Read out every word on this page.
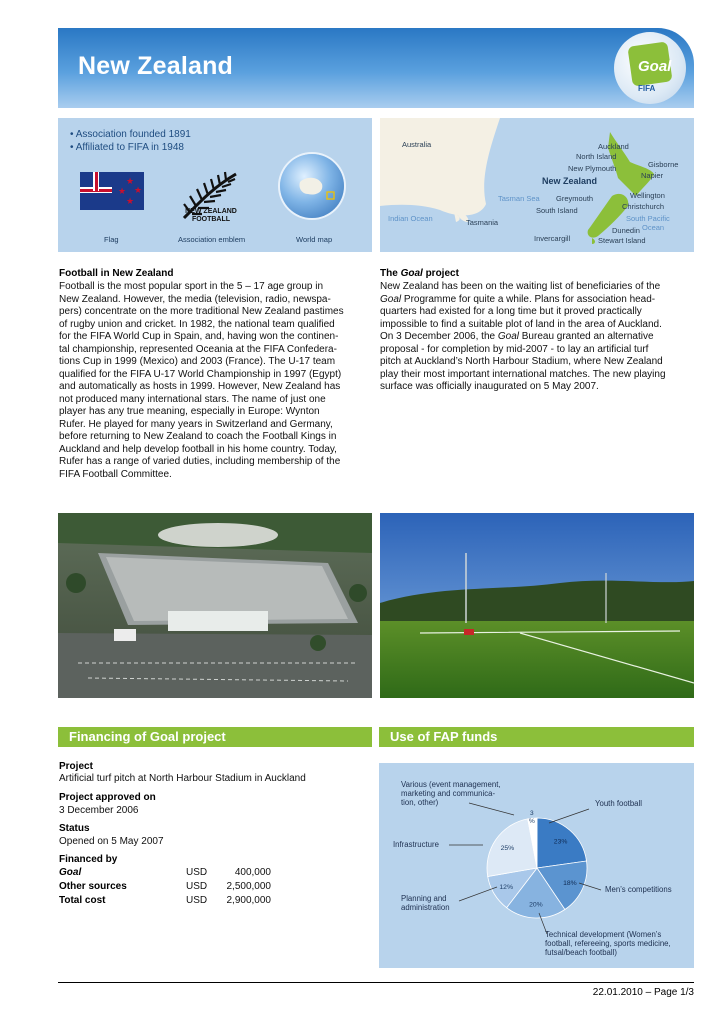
New Zealand	Goal
FIFA
• Association founded 1891
• Affiliated to FIFA in 1948
★
★ ★
★
Flag
NEW ZEALAND
FOOTBALL
Association emblem	World map
Australia	Auckland
North Island
New Plymouth	Gisborne
Napier
New Zealand
Tasman Sea Greymouth	Wellington
South Island	Christchurch
Indian Ocean	Tasmania	South Pacific
Ocean
Dunedin
Invercargill	Stewart Island
Football in New Zealand
Football is the most popular sport in the 5 – 17 age group in
New Zealand. However, the media (television, radio, newspa-
pers) concentrate on the more traditional New Zealand pastimes
of rugby union and cricket. In 1982, the national team qualified
for the FIFA World Cup in Spain, and, having won the continen-
tal championship, represented Oceania at the FIFA Confedera-
tions Cup in 1999 (Mexico) and 2003 (France). The U-17 team
qualified for the FIFA U-17 World Championship in 1997 (Egypt)
and automatically as hosts in 1999. However, New Zealand has
not produced many international stars. The name of just one
player has any true meaning, especially in Europe: Wynton
Rufer. He played for many years in Switzerland and Germany,
before returning to New Zealand to coach the Football Kings in
Auckland and help develop football in his home country. Today,
Rufer has a range of varied duties, including membership of the
FIFA Football Committee.
The Goal project
New Zealand has been on the waiting list of beneficiaries of the
Goal Programme for quite a while. Plans for association head-
quarters had existed for a long time but it proved practically
impossible to find a suitable plot of land in the area of Auckland.
On 3 December 2006, the Goal Bureau granted an alternative
proposal - for completion by mid-2007 - to lay an artificial turf
pitch at Auckland’s North Harbour Stadium, where New Zealand
play their most important international matches. The new playing
surface was officially inaugurated on 5 May 2007.
Financing of Goal project
Project
Artificial turf pitch at North Harbour Stadium in Auckland
Project approved on
3 December 2006
Status
Opened on 5 May 2007
Financed by
Goal	USD	400,000
Other sources	USD 2,500,000
Total cost	USD 2,900,000
Use of FAP funds
23%
18%
20%
12%
25%
Various (event management,
marketing and communica-
tion, other)	Youth football
Infrastructure
Planning and
administration
Men’s competitions
Technical development (Women’s
football, refereeing, sports medicine,
futsal/beach football)
3
%
22.01.2010 – Page 1/3
